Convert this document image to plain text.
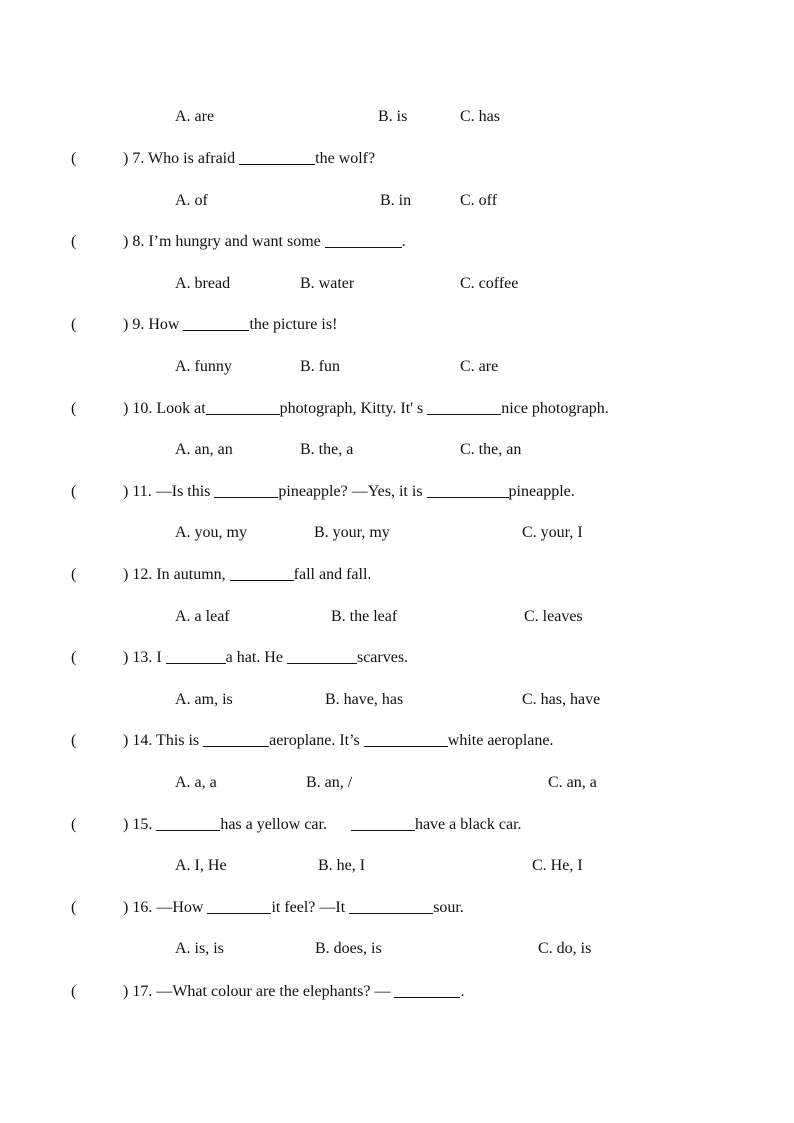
A. are	B. is	C. has
(	) 7. Who is afraid	the wolf?
A. of	B. in	C. off
(	) 8. I’m hungry and want some	.
A. bread	B. water	C. coffee
(	) 9. How	the picture is!
A. funny	B. fun	C. are
(	) 10. Look at	photograph, Kitty. It' s	nice photograph.
A. an, an	B. the, a	C. the, an
(	) 11. —Is this	pineapple? —Yes, it is	pineapple.
A. you, my	B. your, my	C. your, I
(	) 12. In autumn,	fall and fall.
A. a leaf	B. the leaf	C. leaves
(	) 13. I	a hat. He	scarves.
A. am, is	B. have, has	C. has, have
(	) 14. This is	aeroplane. It’s	white aeroplane.
A. a, a	B. an, /	C. an, a
(	) 15.	has a yellow car.	have a black car.
A. I, He	B. he, I	C. He, I
(	) 16. —How	it feel? —It	sour.
A. is, is	B. does, is	C. do, is
(	) 17. —What colour are the elephants? —	.
